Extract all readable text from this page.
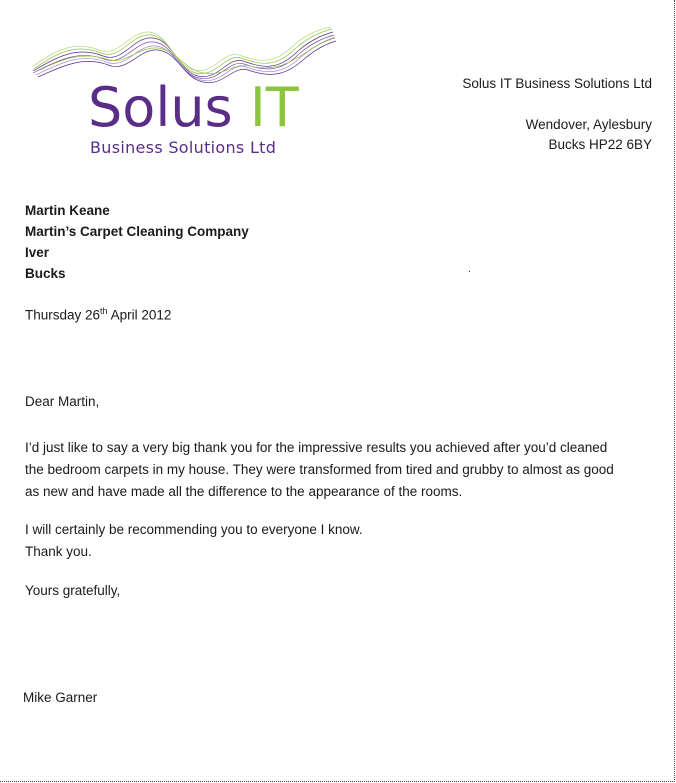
Solus IT
Business Solutions Ltd
Solus IT Business Solutions Ltd
Wendover, Aylesbury
Bucks HP22 6BY
Martin Keane
Martin’s Carpet Cleaning Company
Iver
Bucks	.
Thursday 26th April 2012
Dear Martin,
I’d just like to say a very big thank you for the impressive results you achieved after you’d cleaned
the bedroom carpets in my house. They were transformed from tired and grubby to almost as good
as new and have made all the difference to the appearance of the rooms.
I will certainly be recommending you to everyone I know.
Thank you.
Yours gratefully,
Mike Garner
